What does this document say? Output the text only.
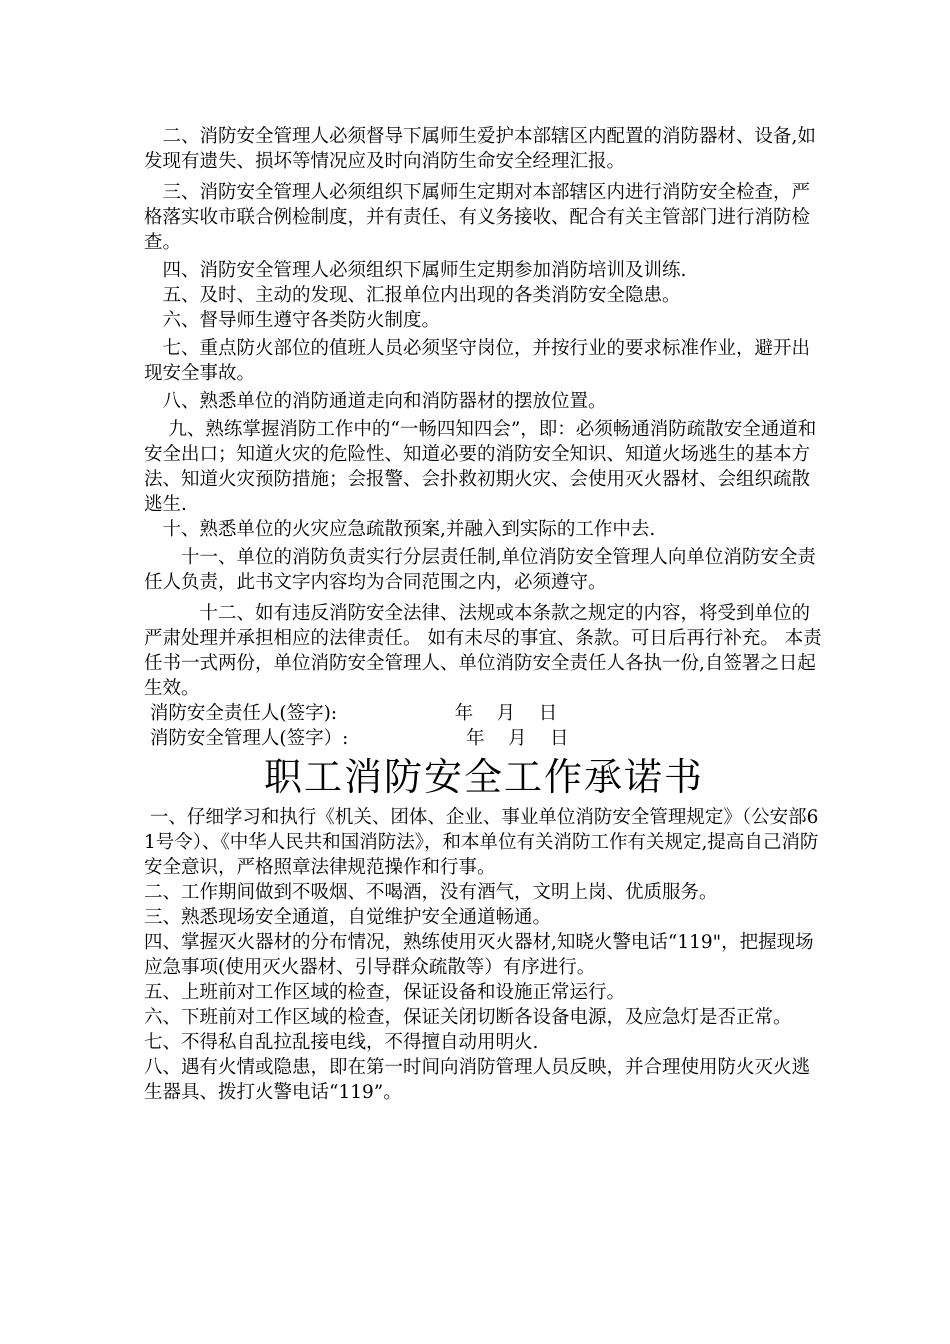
　二、消防安全管理人必须督导下属师生爱护本部辖区内配置的消防器材、设备,如发现有遗失、损坏等情况应及时向消防生命安全经理汇报。

　三、消防安全管理人必须组织下属师生定期对本部辖区内进行消防安全检查，严格落实收市联合例检制度，并有责任、有义务接收、配合有关主管部门进行消防检查。

　四、消防安全管理人必须组织下属师生定期参加消防培训及训练.

　五、及时、主动的发现、汇报单位内出现的各类消防安全隐患。

　六、督导师生遵守各类防火制度。

　七、重点防火部位的值班人员必须坚守岗位，并按行业的要求标准作业，避开出现安全事故。

　八、熟悉单位的消防通道走向和消防器材的摆放位置。

　 九、熟练掌握消防工作中的“一畅四知四会”，即：必须畅通消防疏散安全通道和安全出口；知道火灾的危险性、知道必要的消防安全知识、知道火场逃生的基本方法、知道火灾预防措施；会报警、会扑救初期火灾、会使用灭火器材、会组织疏散逃生.

　十、熟悉单位的火灾应急疏散预案,并融入到实际的工作中去.

　　十一、单位的消防负责实行分层责任制,单位消防安全管理人向单位消防安全责任人负责，此书文字内容均为合同范围之内，必须遵守。

　　　十二、如有违反消防安全法律、法规或本条款之规定的内容，将受到单位的严肃处理并承担相应的法律责任。 如有未尽的事宜、条款。可日后再行补充。 本责任书一式两份，单位消防安全管理人、单位消防安全责任人各执一份,自签署之日起生效。

消防安全责任人(签字):                    年    月    日

消防安全管理人(签字）:                    年    月    日

职工消防安全工作承诺书

一、仔细学习和执行《机关、团体、企业、事业单位消防安全管理规定》（公安部61号令）、《中华人民共和国消防法》，和本单位有关消防工作有关规定,提高自己消防安全意识，严格照章法律规范操作和行事。

二、工作期间做到不吸烟、不喝酒，没有酒气，文明上岗、优质服务。

三、熟悉现场安全通道，自觉维护安全通道畅通。

四、掌握灭火器材的分布情况，熟练使用灭火器材,知晓火警电话“119"，把握现场应急事项(使用灭火器材、引导群众疏散等）有序进行。

五、上班前对工作区域的检查，保证设备和设施正常运行。

六、下班前对工作区域的检查，保证关闭切断各设备电源，及应急灯是否正常。

七、不得私自乱拉乱接电线，不得擅自动用明火.

八、遇有火情或隐患，即在第一时间向消防管理人员反映，并合理使用防火灭火逃生器具、拨打火警电话“119”。
